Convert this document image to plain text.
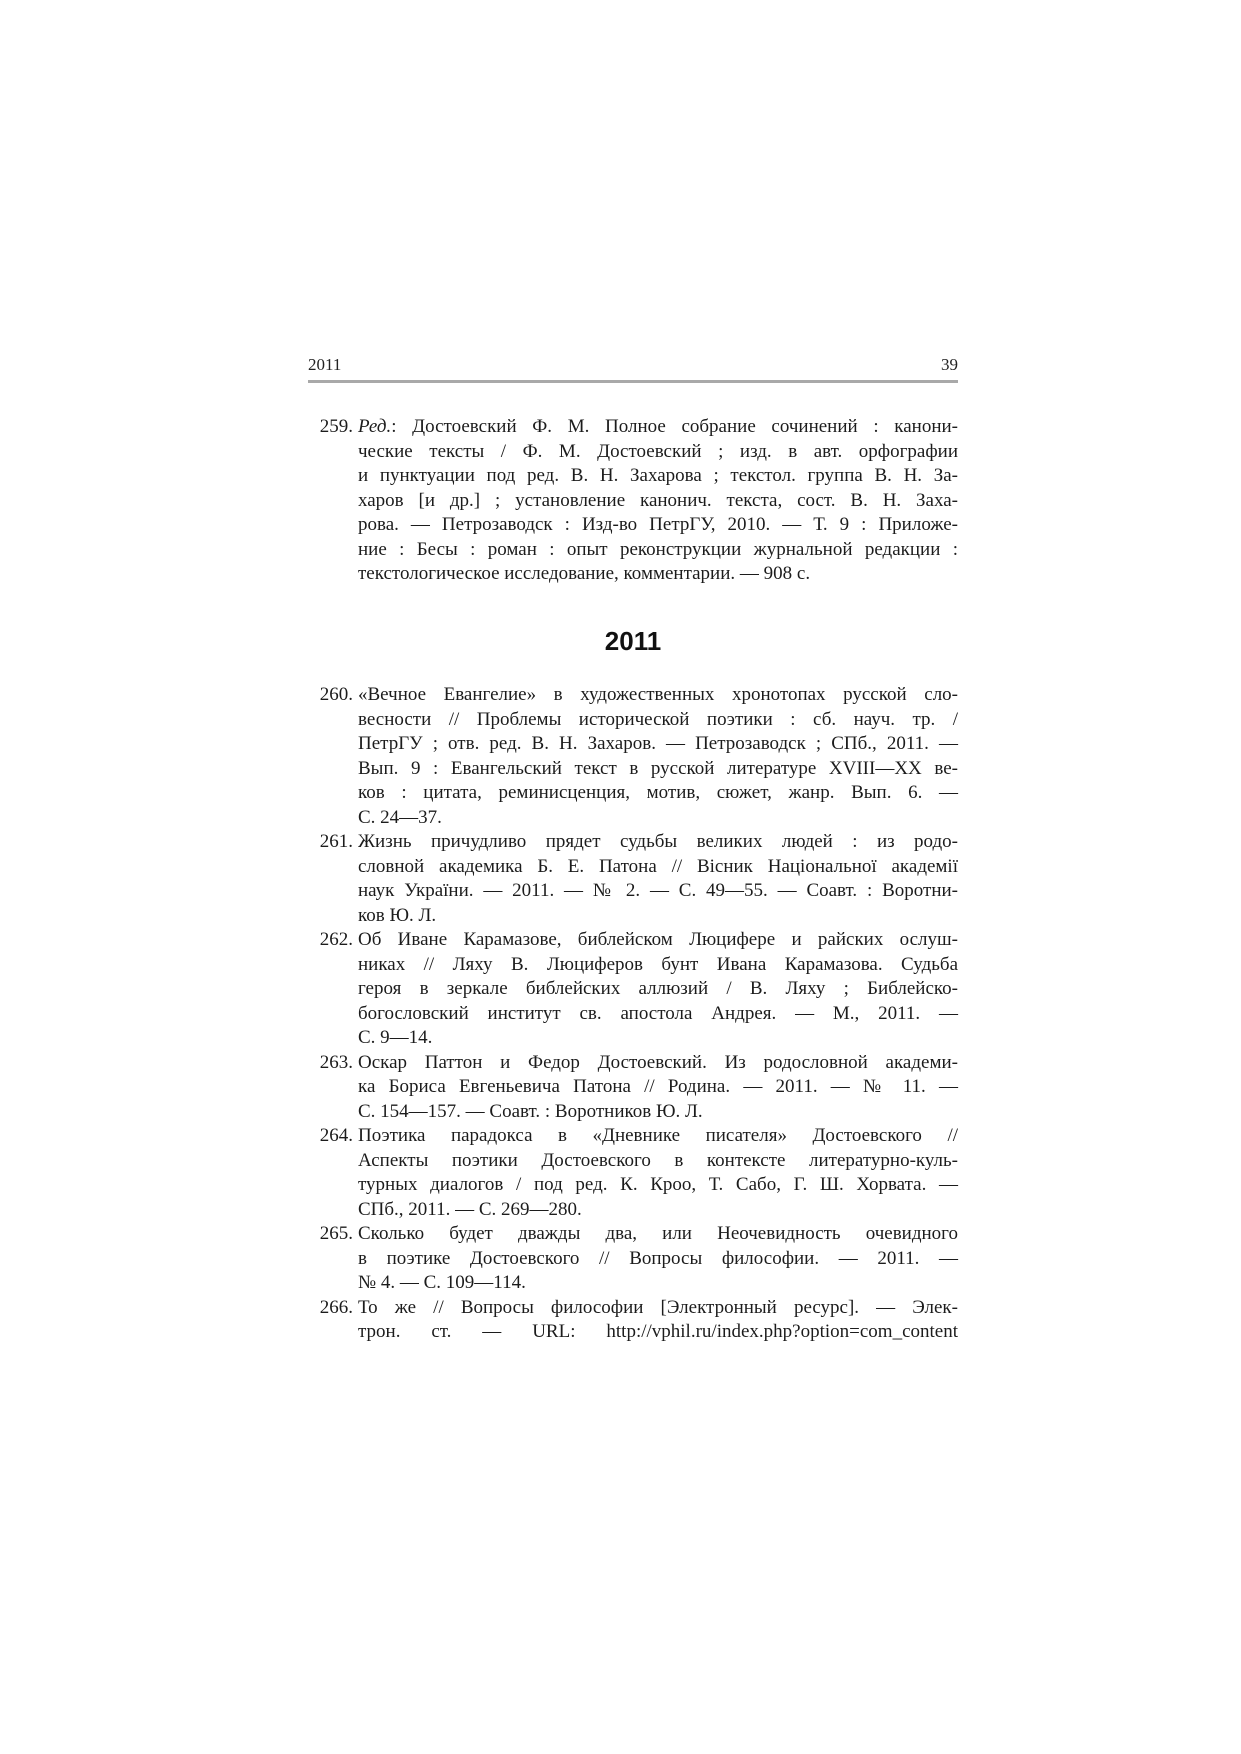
2011	39
259. Ред.: Достоевский Ф. М. Полное собрание сочинений : канони-
ческие тексты / Ф. М. Достоевский ; изд. в авт. орфографии
и пунктуации под ред. В. Н. Захарова ; текстол. группа В. Н. За-
харов [и др.] ; установление канонич. текста, сост. В. Н. Заха-
рова. — Петрозаводск : Изд-во ПетрГУ, 2010. — Т. 9 : Приложе-
ние : Бесы : роман : опыт реконструкции журнальной редакции :
текстологическое исследование, комментарии. — 908 с.
2011
260. «Вечное Евангелие» в художественных хронотопах русской сло-
весности // Проблемы исторической поэтики : сб. науч. тр. /
ПетрГУ ; отв. ред. В. Н. Захаров. — Петрозаводск ; СПб., 2011. —
Вып. 9 : Евангельский текст в русской литературе XVIII—XX ве-
ков : цитата, реминисценция, мотив, сюжет, жанр. Вып. 6. —
С. 24—37.
261. Жизнь причудливо прядет судьбы великих людей : из родо-
словной академика Б. Е. Патона // Вісник Національної академії
наук України. — 2011. — № 2. — С. 49—55. — Соавт. : Воротни-
ков Ю. Л.
262. Об Иване Карамазове, библейском Люцифере и райских ослуш-
никах // Ляху В. Люциферов бунт Ивана Карамазова. Судьба
героя в зеркале библейских аллюзий / В. Ляху ; Библейско-
богословский институт св. апостола Андрея. — М., 2011. —
С. 9—14.
263. Оскар Паттон и Федор Достоевский. Из родословной академи-
ка Бориса Евгеньевича Патона // Родина. — 2011. — № 11. —
С. 154—157. — Соавт. : Воротников Ю. Л.
264. Поэтика парадокса в «Дневнике писателя» Достоевского //
Аспекты поэтики Достоевского в контексте литературно-куль-
турных диалогов / под ред. К. Кроо, Т. Сабо, Г. Ш. Хорвата. —
СПб., 2011. — С. 269—280.
265. Сколько будет дважды два, или Неочевидность очевидного
в поэтике Достоевского // Вопросы философии. — 2011. —
№ 4. — С. 109—114.
266. То же // Вопросы философии [Электронный ресурс]. — Элек-
трон. ст. — URL: http://vphil.ru/index.php?option=com_content
